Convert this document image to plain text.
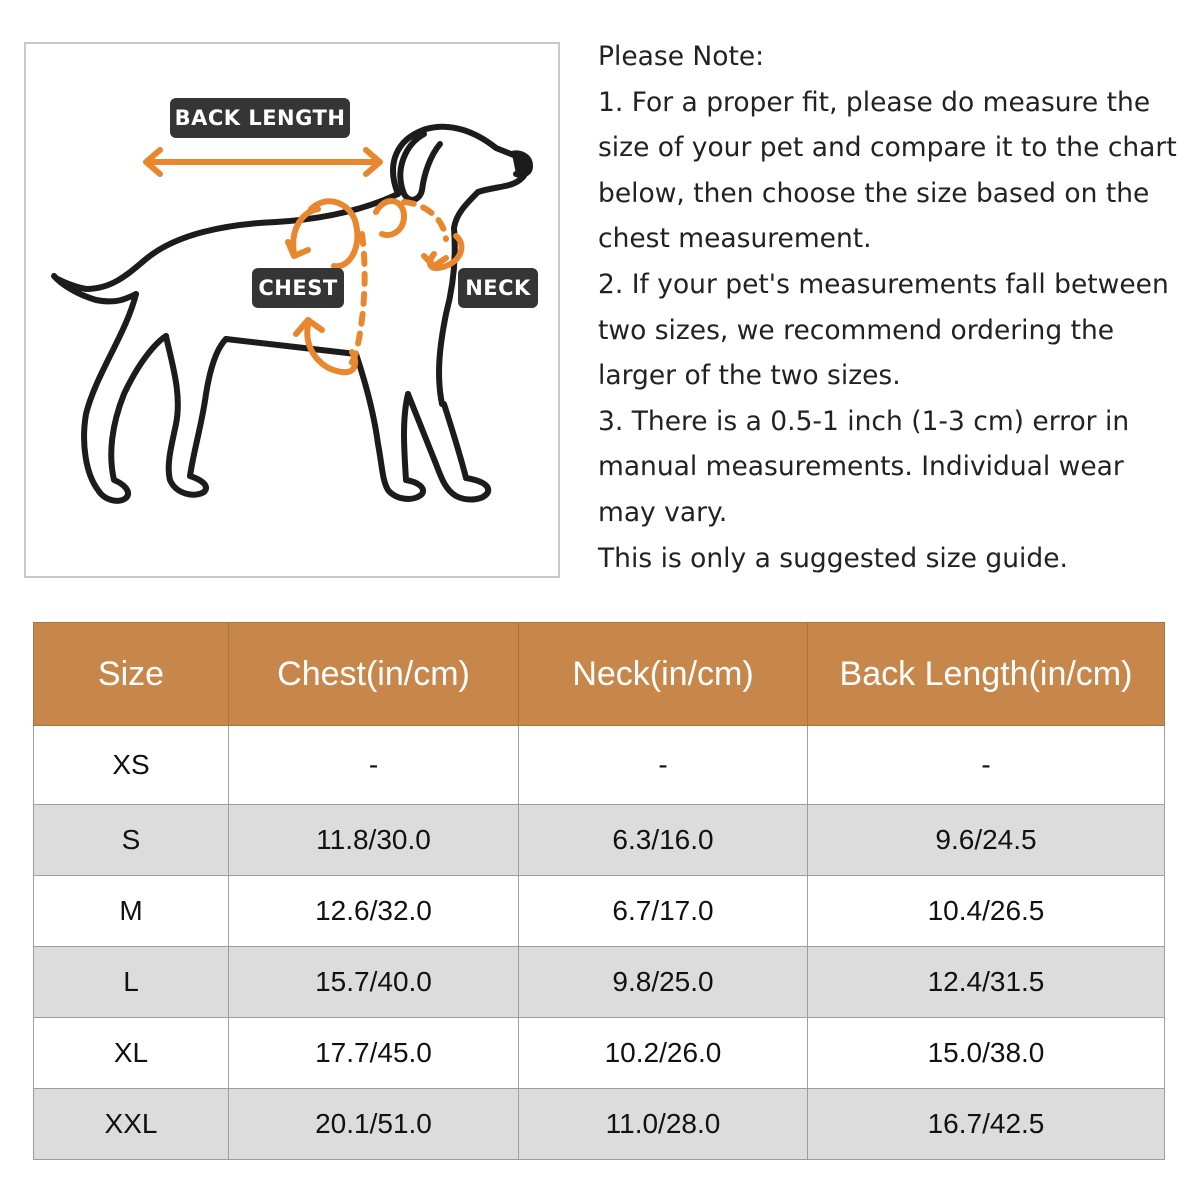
BACK LENGTH
CHEST	NECK

Please Note:

1. For a proper fit, please do measure the
size of your pet and compare it to the chart
below, then choose the size based on the
chest measurement.

2. If your pet's measurements fall between
two sizes, we recommend ordering the
larger of the two sizes.

3. There is a 0.5-1 inch (1-3 cm) error in
manual measurements. Individual wear
may vary.

This is only a suggested size guide.

Size	Chest(in/cm)	Neck(in/cm)	Back Length(in/cm)
XS	-	-	-
S	11.8/30.0	6.3/16.0	9.6/24.5
M	12.6/32.0	6.7/17.0	10.4/26.5
L	15.7/40.0	9.8/25.0	12.4/31.5
XL	17.7/45.0	10.2/26.0	15.0/38.0
XXL	20.1/51.0	11.0/28.0	16.7/42.5
